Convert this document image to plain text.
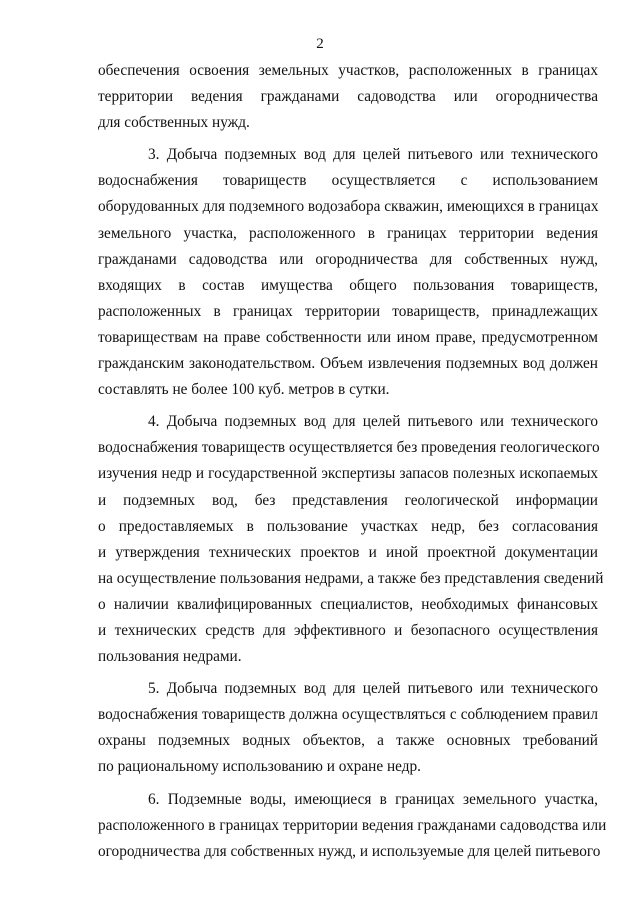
2

обеспечения освоения земельных участков, расположенных в границах
территории ведения гражданами садоводства или огородничества
для собственных нужд.

3. Добыча подземных вод для целей питьевого или технического
водоснабжения товариществ осуществляется с использованием
оборудованных для подземного водозабора скважин, имеющихся в границах
земельного участка, расположенного в границах территории ведения
гражданами садоводства или огородничества для собственных нужд,
входящих в состав имущества общего пользования товариществ,
расположенных в границах территории товариществ, принадлежащих
товариществам на праве собственности или ином праве, предусмотренном
гражданским законодательством. Объем извлечения подземных вод должен
составлять не более 100 куб. метров в сутки.

4. Добыча подземных вод для целей питьевого или технического
водоснабжения товариществ осуществляется без проведения геологического
изучения недр и государственной экспертизы запасов полезных ископаемых
и подземных вод, без представления геологической информации
о предоставляемых в пользование участках недр, без согласования
и утверждения технических проектов и иной проектной документации
на осуществление пользования недрами, а также без представления сведений
о наличии квалифицированных специалистов, необходимых финансовых
и технических средств для эффективного и безопасного осуществления
пользования недрами.

5. Добыча подземных вод для целей питьевого или технического
водоснабжения товариществ должна осуществляться с соблюдением правил
охраны подземных водных объектов, а также основных требований
по рациональному использованию и охране недр.

6. Подземные воды, имеющиеся в границах земельного участка,
расположенного в границах территории ведения гражданами садоводства или
огородничества для собственных нужд, и используемые для целей питьевого
